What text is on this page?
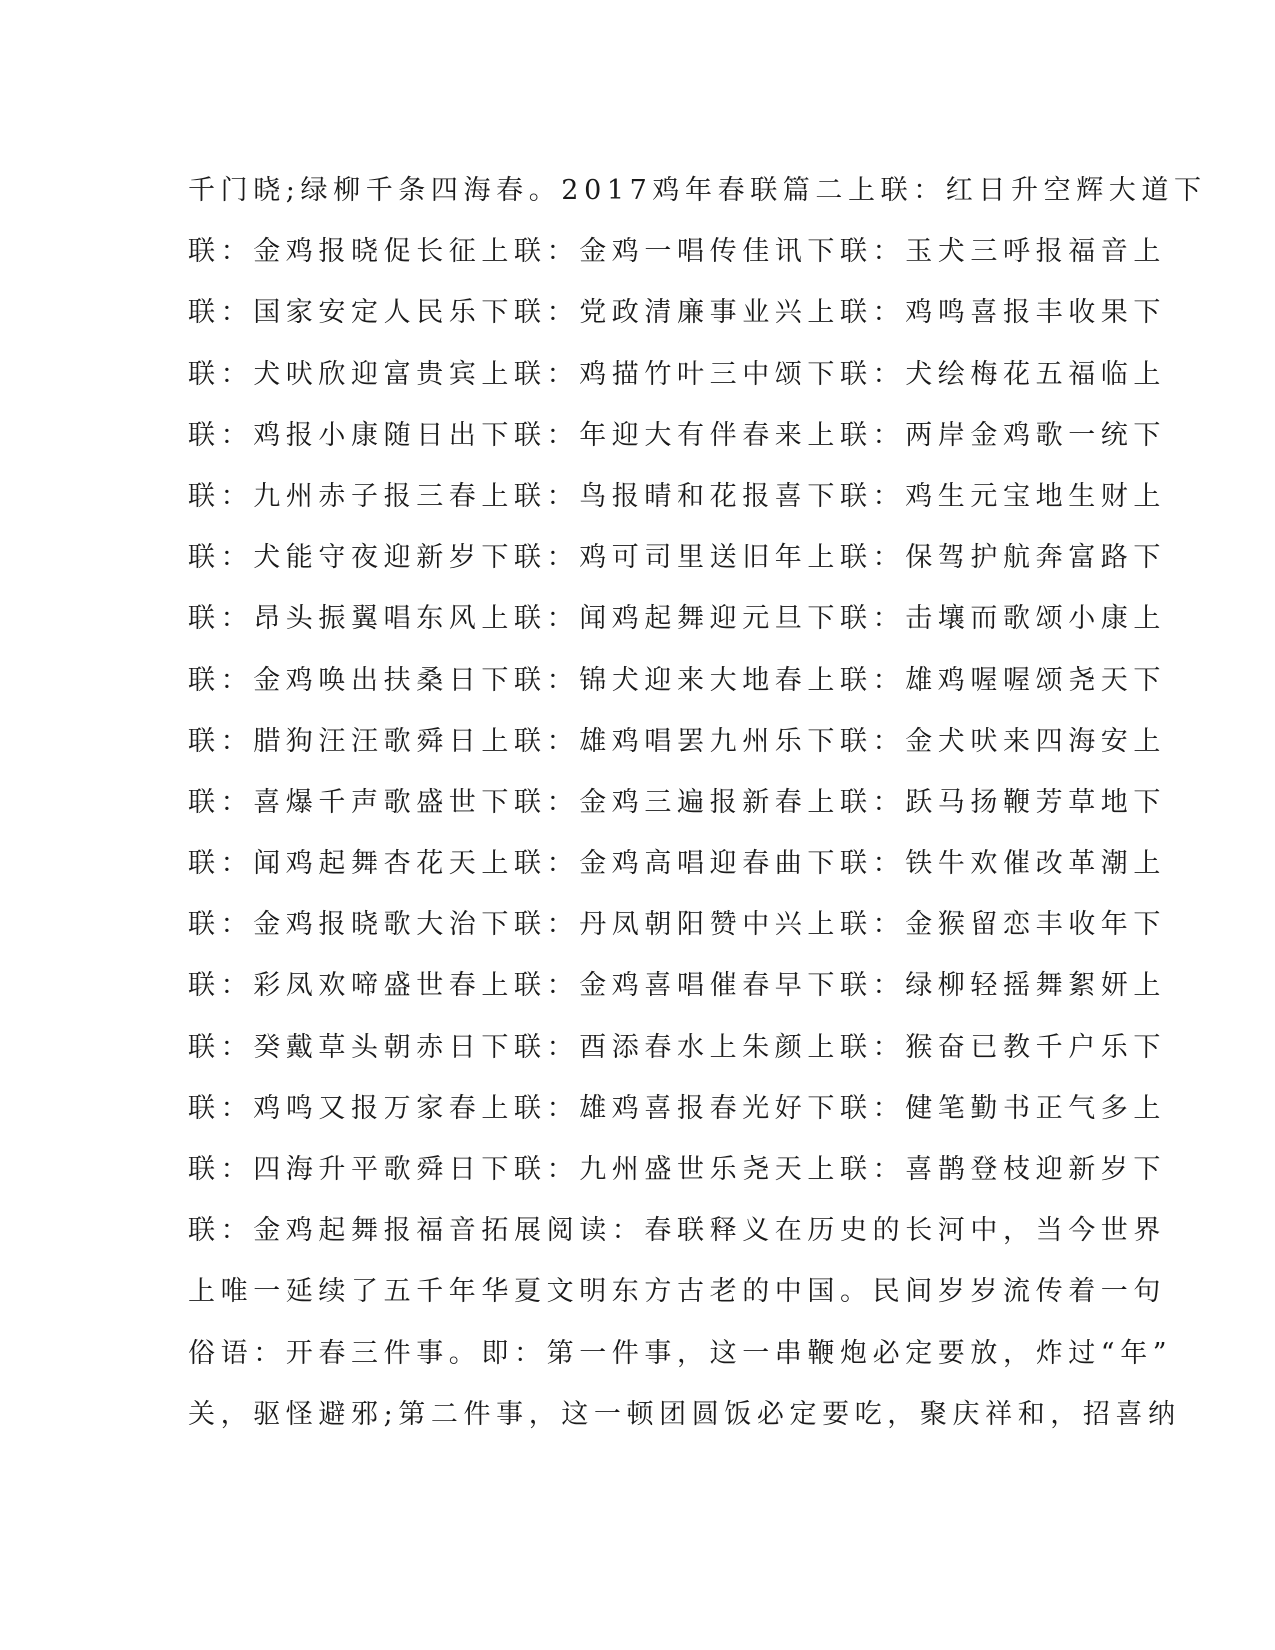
千门晓;绿柳千条四海春。2017鸡年春联篇二上联：红日升空辉大道下
联：金鸡报晓促长征上联：金鸡一唱传佳讯下联：玉犬三呼报福音上
联：国家安定人民乐下联：党政清廉事业兴上联：鸡鸣喜报丰收果下
联：犬吠欣迎富贵宾上联：鸡描竹叶三中颂下联：犬绘梅花五福临上
联：鸡报小康随日出下联：年迎大有伴春来上联：两岸金鸡歌一统下
联：九州赤子报三春上联：鸟报晴和花报喜下联：鸡生元宝地生财上
联：犬能守夜迎新岁下联：鸡可司里送旧年上联：保驾护航奔富路下
联：昂头振翼唱东风上联：闻鸡起舞迎元旦下联：击壤而歌颂小康上
联：金鸡唤出扶桑日下联：锦犬迎来大地春上联：雄鸡喔喔颂尧天下
联：腊狗汪汪歌舜日上联：雄鸡唱罢九州乐下联：金犬吠来四海安上
联：喜爆千声歌盛世下联：金鸡三遍报新春上联：跃马扬鞭芳草地下
联：闻鸡起舞杏花天上联：金鸡高唱迎春曲下联：铁牛欢催改革潮上
联：金鸡报晓歌大治下联：丹凤朝阳赞中兴上联：金猴留恋丰收年下
联：彩凤欢啼盛世春上联：金鸡喜唱催春早下联：绿柳轻摇舞絮妍上
联：癸戴草头朝赤日下联：酉添春水上朱颜上联：猴奋已教千户乐下
联：鸡鸣又报万家春上联：雄鸡喜报春光好下联：健笔勤书正气多上
联：四海升平歌舜日下联：九州盛世乐尧天上联：喜鹊登枝迎新岁下
联：金鸡起舞报福音拓展阅读：春联释义在历史的长河中，当今世界
上唯一延续了五千年华夏文明东方古老的中国。民间岁岁流传着一句
俗语：开春三件事。即：第一件事，这一串鞭炮必定要放，炸过“年”
关，驱怪避邪;第二件事，这一顿团圆饭必定要吃，聚庆祥和，招喜纳
